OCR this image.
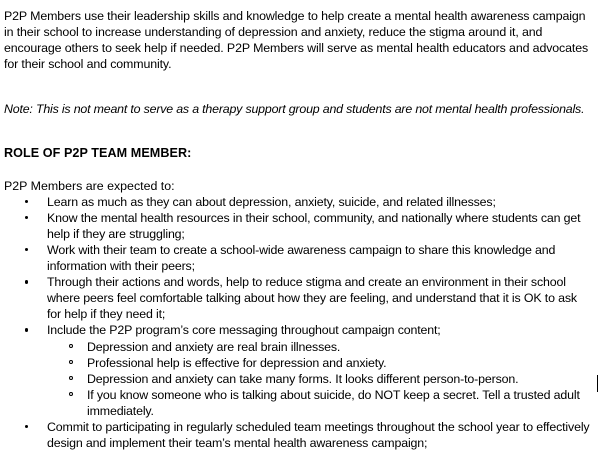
P2P Members use their leadership skills and knowledge to help create a mental health awareness campaign in their school to increase understanding of depression and anxiety, reduce the stigma around it, and encourage others to seek help if needed. P2P Members will serve as mental health educators and advocates for their school and community.

Note: This is not meant to serve as a therapy support group and students are not mental health professionals.

ROLE OF P2P TEAM MEMBER:

P2P Members are expected to:

Learn as much as they can about depression, anxiety, suicide, and related illnesses;
Know the mental health resources in their school, community, and nationally where students can get help if they are struggling;
Work with their team to create a school-wide awareness campaign to share this knowledge and information with their peers;
Through their actions and words, help to reduce stigma and create an environment in their school where peers feel comfortable talking about how they are feeling, and understand that it is OK to ask for help if they need it;
Include the P2P program’s core messaging throughout campaign content;
Depression and anxiety are real brain illnesses.
Professional help is effective for depression and anxiety.
Depression and anxiety can take many forms. It looks different person-to-person.
If you know someone who is talking about suicide, do NOT keep a secret. Tell a trusted adult immediately.
Commit to participating in regularly scheduled team meetings throughout the school year to effectively design and implement their team’s mental health awareness campaign;
